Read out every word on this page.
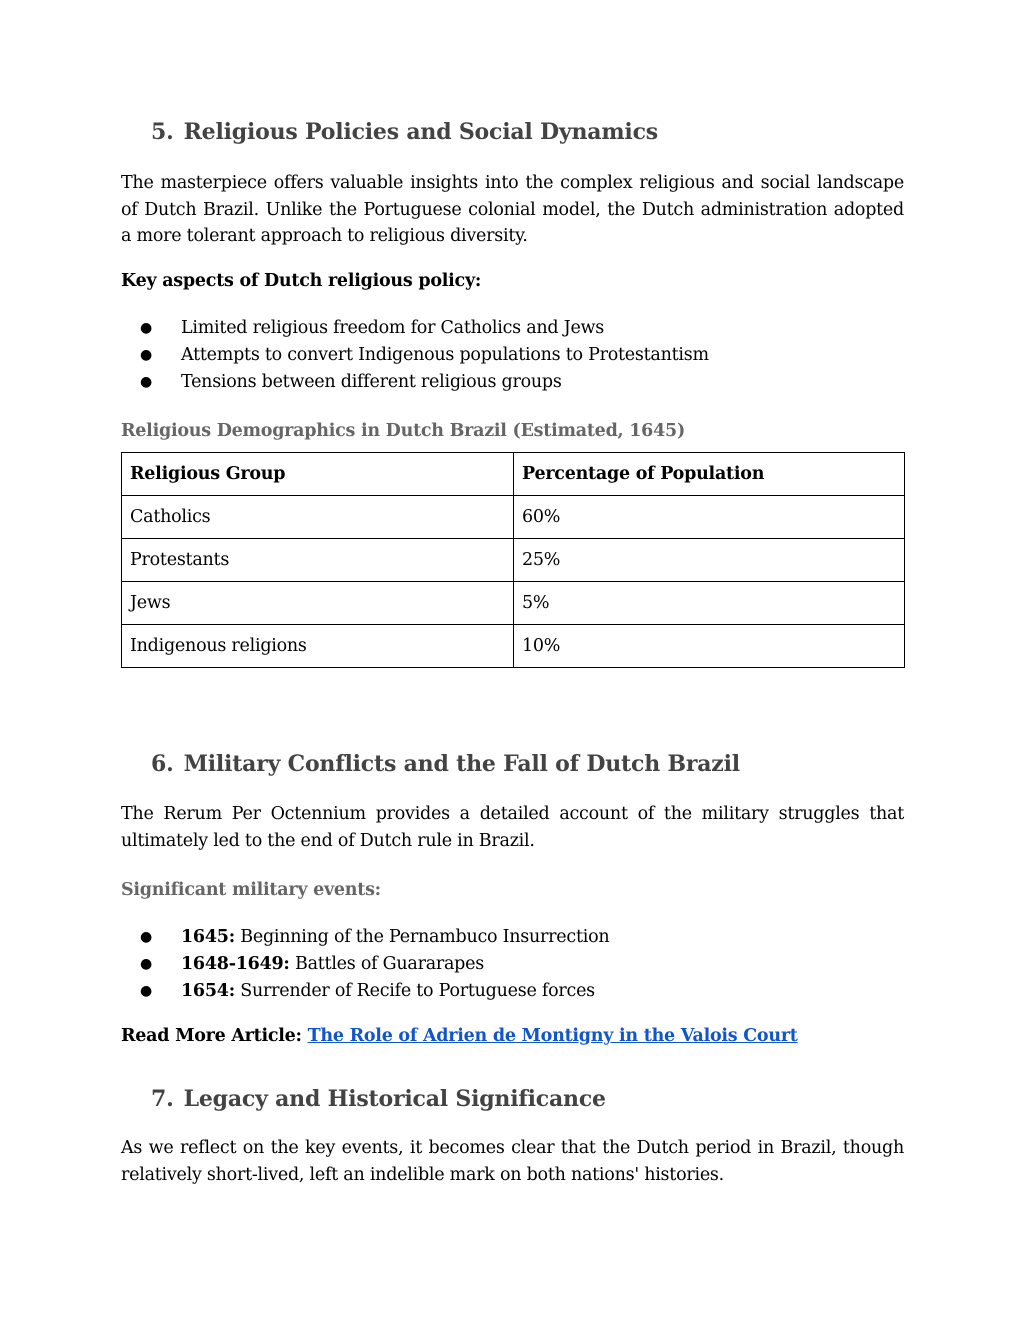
5. Religious Policies and Social Dynamics

The masterpiece offers valuable insights into the complex religious and social landscape of Dutch Brazil. Unlike the Portuguese colonial model, the Dutch administration adopted a more tolerant approach to religious diversity.

Key aspects of Dutch religious policy:

● Limited religious freedom for Catholics and Jews
● Attempts to convert Indigenous populations to Protestantism
● Tensions between different religious groups

Religious Demographics in Dutch Brazil (Estimated, 1645)

Religious Group	Percentage of Population
Catholics	60%
Protestants	25%
Jews	5%
Indigenous religions	10%
6. Military Conflicts and the Fall of Dutch Brazil

The Rerum Per Octennium provides a detailed account of the military struggles that ultimately led to the end of Dutch rule in Brazil.

Significant military events:

● 1645: Beginning of the Pernambuco Insurrection
● 1648-1649: Battles of Guararapes
● 1654: Surrender of Recife to Portuguese forces

Read More Article: The Role of Adrien de Montigny in the Valois Court

7. Legacy and Historical Significance

As we reflect on the key events, it becomes clear that the Dutch period in Brazil, though relatively short-lived, left an indelible mark on both nations' histories.
